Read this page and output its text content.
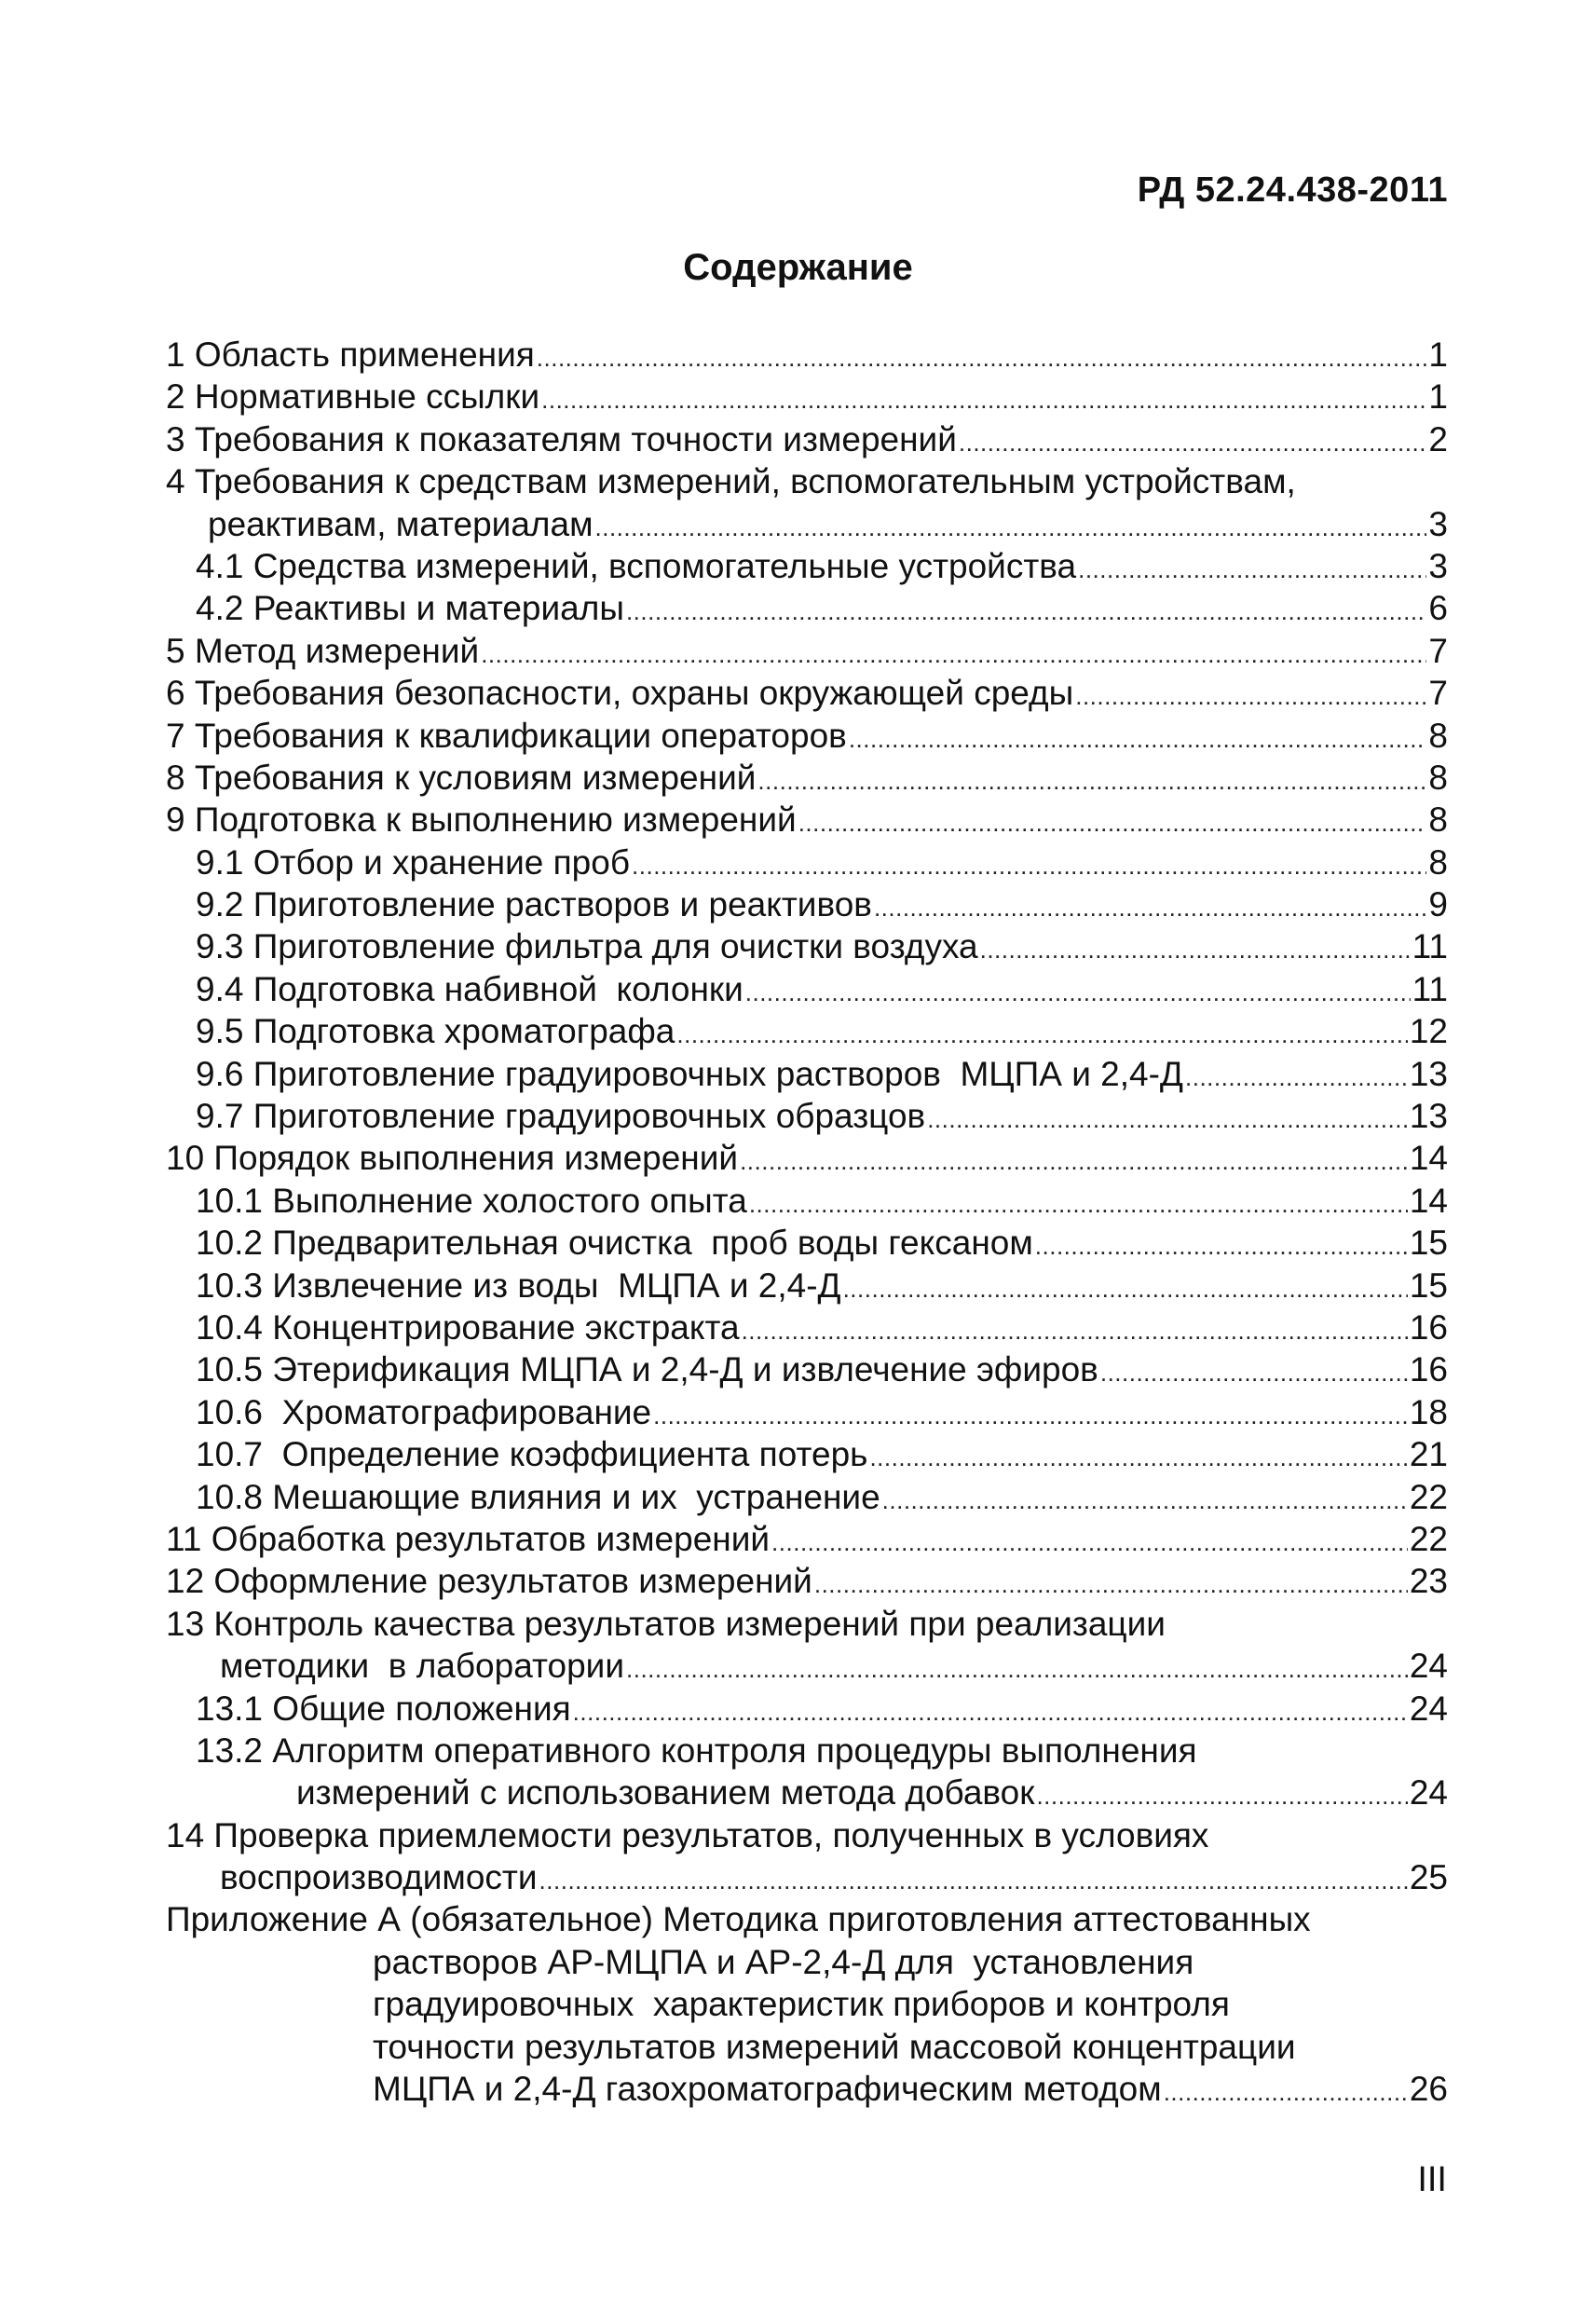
РД 52.24.438-2011
Содержание
1 Область применения .....	1
2 Нормативные ссылки .....	1
3 Требования к показателям точности измерений .....	2
4 Требования к средствам измерений, вспомогательным устройствам,
реактивам, материалам .....	3
4.1 Средства измерений, вспомогательные устройства .....	3
4.2 Реактивы и материалы .....	6
5 Метод измерений .....	7
6 Требования безопасности, охраны окружающей среды .....	7
7 Требования к квалификации операторов .....	8
8 Требования к условиям измерений .....	8
9 Подготовка к выполнению измерений .....	8
9.1 Отбор и хранение проб .....	8
9.2 Приготовление растворов и реактивов .....	9
9.3 Приготовление фильтра для очистки воздуха .....	11
9.4 Подготовка набивной  колонки .....	11
9.5 Подготовка хроматографа .....	12
9.6 Приготовление градуировочных растворов  МЦПА и 2,4-Д .....	13
9.7 Приготовление градуировочных образцов .....	13
10 Порядок выполнения измерений .....	14
10.1 Выполнение холостого опыта .....	14
10.2 Предварительная очистка  проб воды гексаном .....	15
10.3 Извлечение из воды  МЦПА и 2,4-Д .....	15
10.4 Концентрирование экстракта .....	16
10.5 Этерификация МЦПА и 2,4-Д и извлечение эфиров .....	16
10.6  Хроматографирование .....	18
10.7  Определение коэффициента потерь .....	21
10.8 Мешающие влияния и их  устранение .....	22
11 Обработка результатов измерений .....	22
12 Оформление результатов измерений .....	23
13 Контроль качества результатов измерений при реализации
методики  в лаборатории .....	24
13.1 Общие положения .....	24
13.2 Алгоритм оперативного контроля процедуры выполнения
измерений с использованием метода добавок .....	24
14 Проверка приемлемости результатов, полученных в условиях
воспроизводимости .....	25
Приложение А (обязательное) Методика приготовления аттестованных
растворов АР-МЦПА и АР-2,4-Д для  установления
градуировочных  характеристик приборов и контроля
точности результатов измерений массовой концентрации
МЦПА и 2,4-Д газохроматографическим методом .....	26
III
